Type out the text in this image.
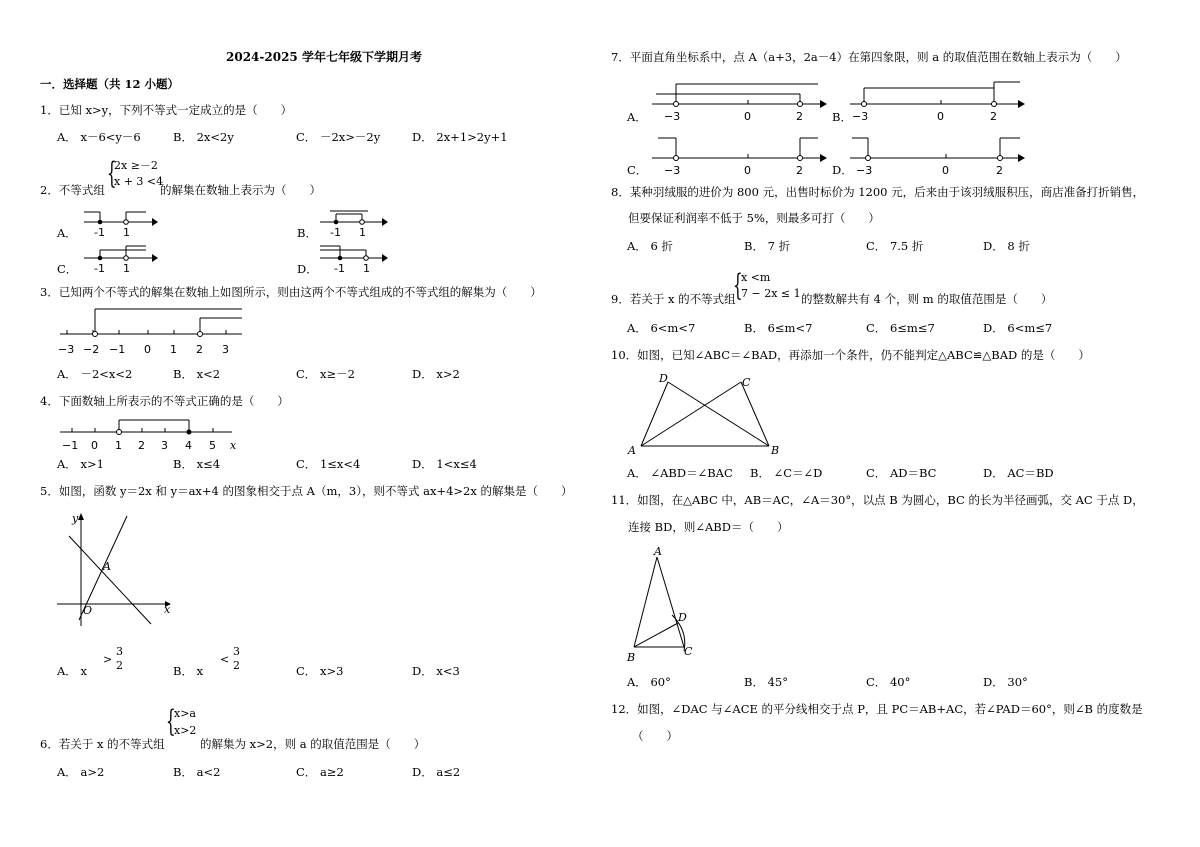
2024-2025 学年七年级下学期月考
一．选择题（共 12 小题）
1．已知 x>y，下列不等式一定成立的是（　　）
A． x－6<y－6	B． 2x<2y	C． －2x>－2y	D． 2x+1>2y+1
2．不等式组 {
2x ≥－2
x + 3 <4
的解集在数轴上表示为（　　）
A． -1 1	B． -1 1
C． -1 1	D． -1 1
3．已知两个不等式的解集在数轴上如图所示，则由这两个不等式组成的不等式组的解集为（　　）
−3 −2 −1 0 1 2 3
A． －2<x<2	B． x<2	C． x≥－2	D． x>2
4．下面数轴上所表示的不等式正确的是（　　）
−1 0 1 2 3 4 5 x
A． x>1	B． x≤4	C． 1≤x<4	D． 1<x≤4
5．如图，函数 y＝2x 和 y＝ax+4 的图象相交于点 A（m，3），则不等式 ax+4>2x 的解集是（　　）
y
x
O
A
A． x
>
3
2	B． x
<
3
2	C． x>3	D． x<3
{
x>a
x>2
6．若关于 x 的不等式组	的解集为 x>2，则 a 的取值范围是（　　）
A． a>2	B． a<2	C． a≥2	D． a≤2
7．平面直角坐标系中，点 A（a+3，2a－4）在第四象限，则 a 的取值范围在数轴上表示为（　　）
A． −3	0	2	B． −3	0	2
C． −3	0	2	D． −3	0	2
8．某种羽绒服的进价为 800 元，出售时标价为 1200 元，后来由于该羽绒服积压，商店准备打折销售，
但要保证利润率不低于 5%，则最多可打（　　）
A． 6 折	B． 7 折	C． 7.5 折	D． 8 折
{
x <m
7 − 2x ≤ 1
9．若关于 x 的不等式组	的整数解共有 4 个，则 m 的取值范围是（　　）
A． 6<m<7	B． 6≤m<7	C． 6≤m≤7	D． 6<m≤7
10．如图，已知∠ABC＝∠BAD，再添加一个条件，仍不能判定△ABC≌△BAD 的是（　　）
D	C
A	B
A． ∠ABD＝∠BAC B． ∠C＝∠D	C． AD＝BC	D． AC＝BD
11．如图，在△ABC 中，AB＝AC，∠A＝30°，以点 B 为圆心，BC 的长为半径画弧，交 AC 于点 D，
连接 BD，则∠ABD＝（　　）
A
D
B	C
A． 60°	B． 45°	C． 40°	D． 30°
12．如图，∠DAC 与∠ACE 的平分线相交于点 P，且 PC＝AB+AC，若∠PAD＝60°，则∠B 的度数是
（　　）
